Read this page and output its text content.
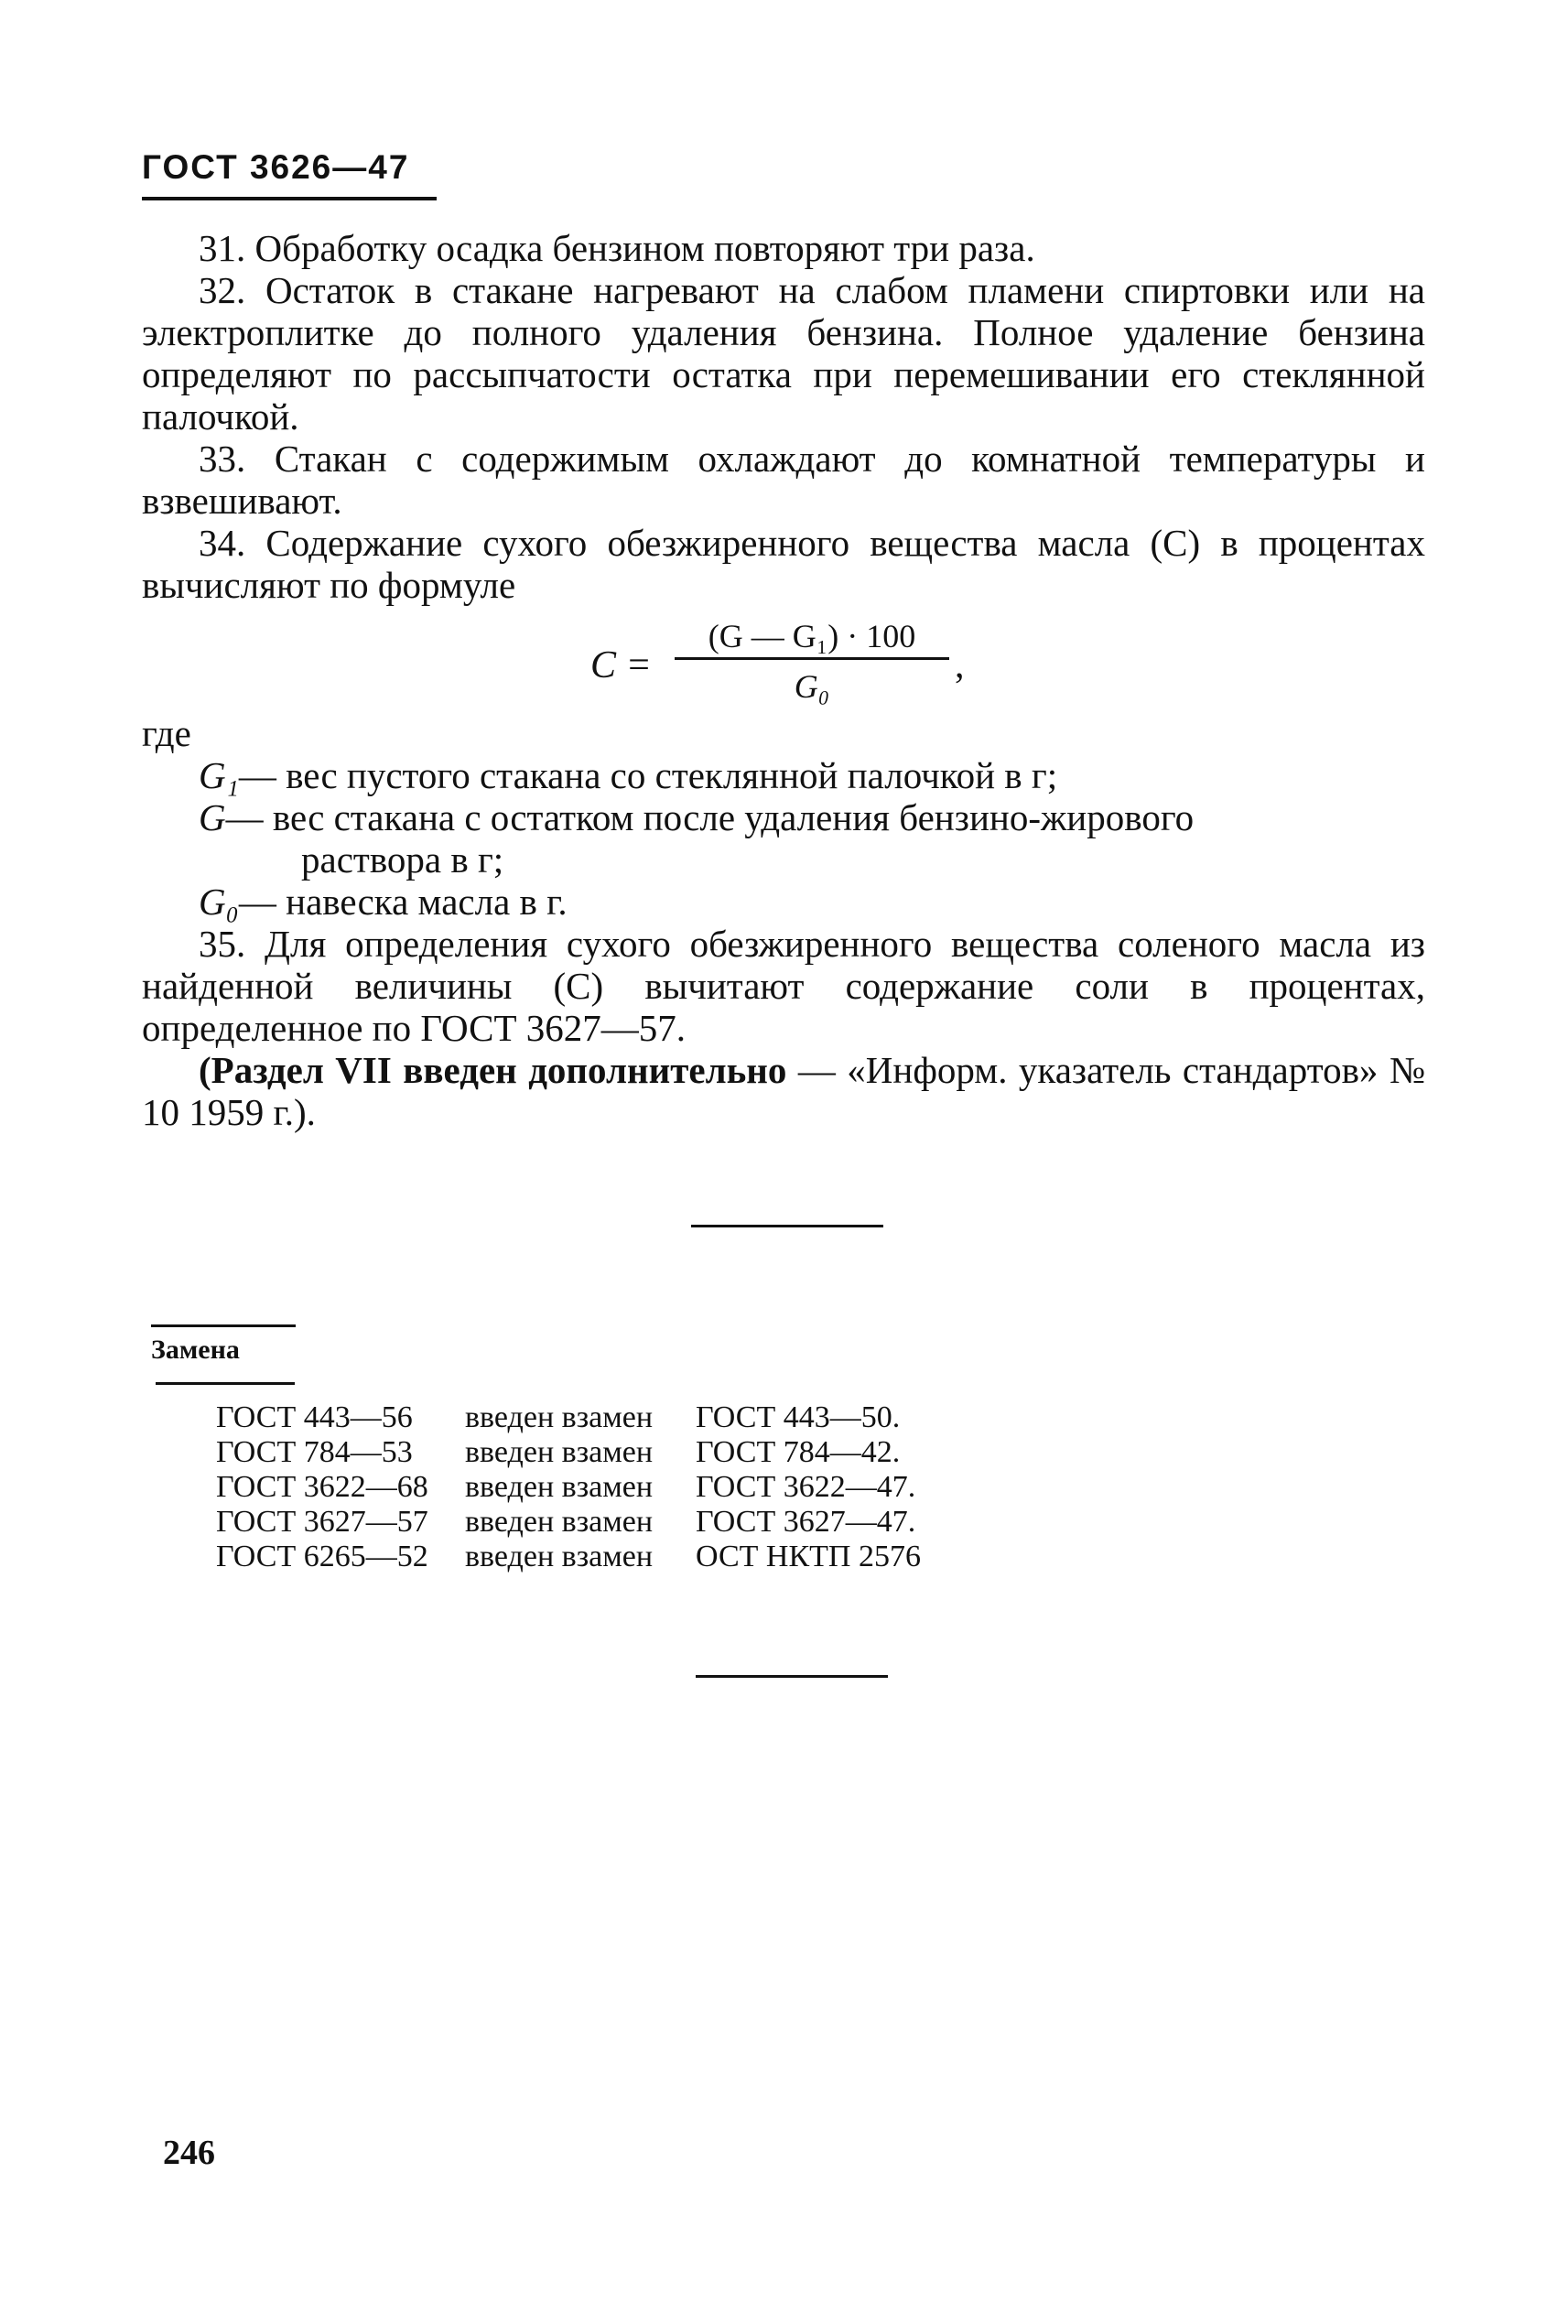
ГОСТ 3626—47

31. Обработку осадка бензином повторяют три раза.

32. Остаток в стакане нагревают на слабом пламени спиртовки или на электроплитке до полного удаления бензина. Полное удаление бензина определяют по рассыпчатости остатка при перемешивании его стеклянной палочкой.

33. Стакан с содержимым охлаждают до комнатной температуры и взвешивают.

34. Содержание сухого обезжиренного вещества масла (C) в процентах вычисляют по формуле

C =
(G — G₁) · 100
G₀	,

где

G₁— вес пустого стакана со стеклянной палочкой в г;
G— вес стакана с остатком после удаления бензино-жирового
раствора в г;
G₀— навеска масла в г.

35. Для определения сухого обезжиренного вещества соленого масла из найденной величины (C) вычитают содержание соли в процентах, определенное по ГОСТ 3627—57.

(Раздел VII введен дополнительно — «Информ. указатель стандартов» № 10 1959 г.).

Замена
ГОСТ 443—56	введен взамен	ГОСТ 443—50.
ГОСТ 784—53	введен взамен	ГОСТ 784—42.
ГОСТ 3622—68	введен взамен	ГОСТ 3622—47.
ГОСТ 3627—57	введен взамен	ГОСТ 3627—47.
ГОСТ 6265—52	введен взамен	ОСТ НКТП 2576
246
